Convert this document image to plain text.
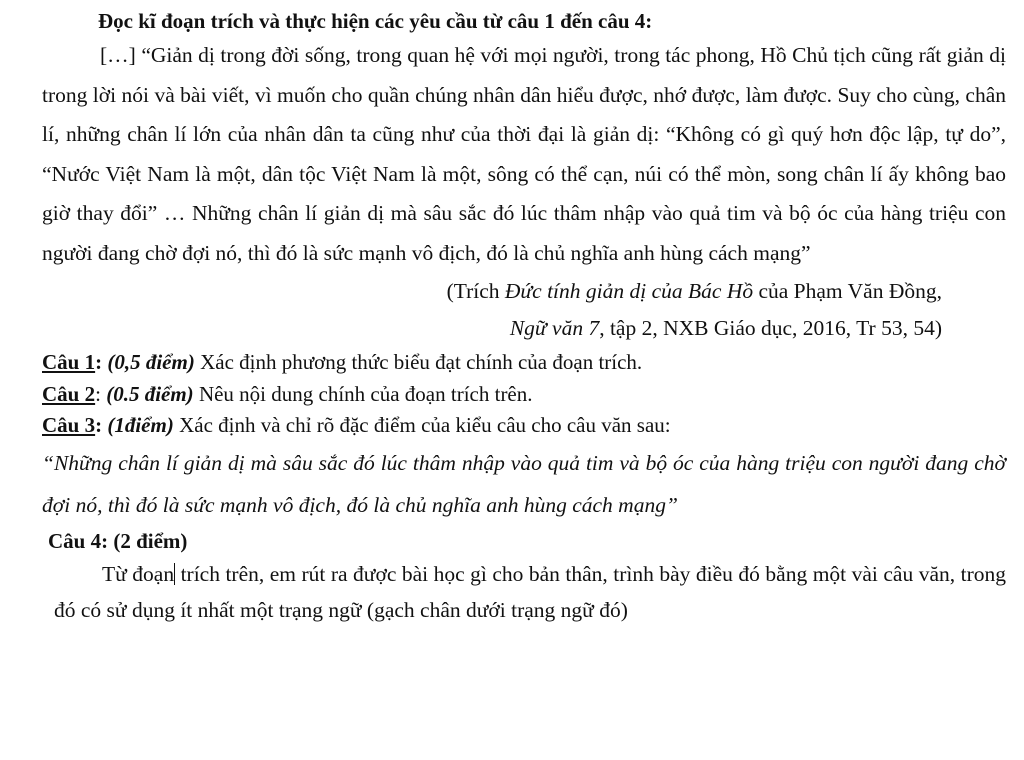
Đọc kĩ đoạn trích và thực hiện các yêu cầu từ câu 1 đến câu 4:

[…] “Giản dị trong đời sống, trong quan hệ với mọi người, trong tác phong, Hồ Chủ tịch cũng rất giản dị trong lời nói và bài viết, vì muốn cho quần chúng nhân dân hiểu được, nhớ được, làm được. Suy cho cùng, chân lí, những chân lí lớn của nhân dân ta cũng như của thời đại là giản dị: “Không có gì quý hơn độc lập, tự do”, “Nước Việt Nam là một, dân tộc Việt Nam là một, sông có thể cạn, núi có thể mòn, song chân lí ấy không bao giờ thay đổi” … Những chân lí giản dị mà sâu sắc đó lúc thâm nhập vào quả tim và bộ óc của hàng triệu con người đang chờ đợi nó, thì đó là sức mạnh vô địch, đó là chủ nghĩa anh hùng cách mạng”

(Trích Đức tính giản dị của Bác Hồ của Phạm Văn Đồng,
Ngữ văn 7, tập 2, NXB Giáo dục, 2016, Tr 53, 54)

Câu 1: (0,5 điểm) Xác định phương thức biểu đạt chính của đoạn trích.

Câu 2: (0.5 điểm) Nêu nội dung chính của đoạn trích trên.

Câu 3: (1điểm) Xác định và chỉ rõ đặc điểm của kiểu câu cho câu văn sau:

“Những chân lí giản dị mà sâu sắc đó lúc thâm nhập vào quả tim và bộ óc của hàng triệu con người đang chờ đợi nó, thì đó là sức mạnh vô địch, đó là chủ nghĩa anh hùng cách mạng”

Câu 4: (2 điểm)

Từ đoạn trích trên, em rút ra được bài học gì cho bản thân, trình bày điều đó bằng một vài câu văn, trong đó có sử dụng ít nhất một trạng ngữ (gạch chân dưới trạng ngữ đó)
